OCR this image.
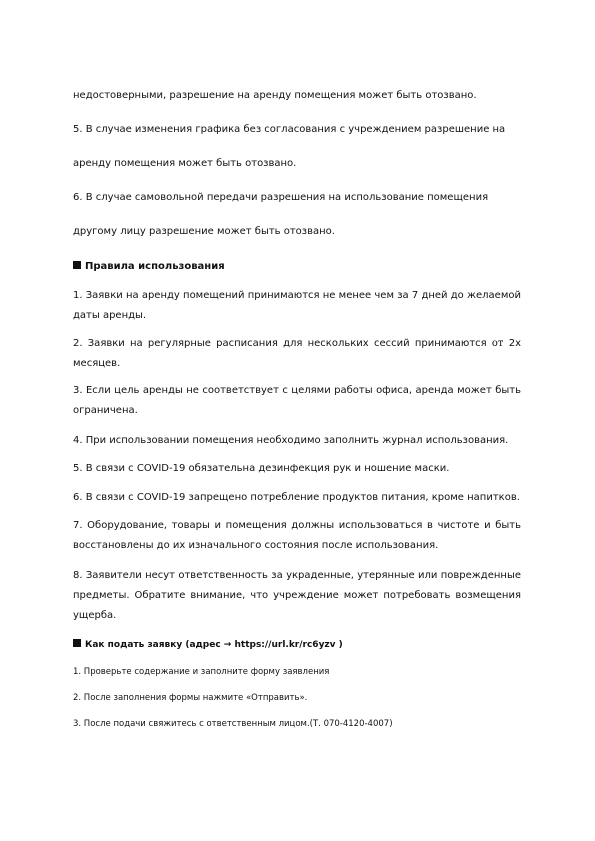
недостоверными, разрешение на аренду помещения может быть отозвано.

5. В случае изменения графика без согласования с учреждением разрешение на

аренду помещения может быть отозвано.

6. В случае самовольной передачи разрешения на использование помещения

другому лицу разрешение может быть отозвано.

Правила использования

1. Заявки на аренду помещений принимаются не менее чем за 7 дней до желаемой даты аренды.

2. Заявки на регулярные расписания для нескольких сессий принимаются от 2х месяцев.

3. Если цель аренды не соответствует с целями работы офиса, аренда может быть ограничена.

4. При использовании помещения необходимо заполнить журнал использования.

5. В связи с COVID-19 обязательна дезинфекция рук и ношение маски.

6. В связи с COVID-19 запрещено потребление продуктов питания, кроме напитков.

7. Оборудование, товары и помещения должны использоваться в чистоте и быть восстановлены до их изначального состояния после использования.

8. Заявители несут ответственность за украденные, утерянные или поврежденные предметы. Обратите внимание, что учреждение может потребовать возмещения ущерба.

Как подать заявку (адрес → https://url.kr/rc6yzv )

1. Проверьте содержание и заполните форму заявления

2. После заполнения формы нажмите «Отправить».

3. После подачи свяжитесь с ответственным лицом.(Т. 070-4120-4007)
